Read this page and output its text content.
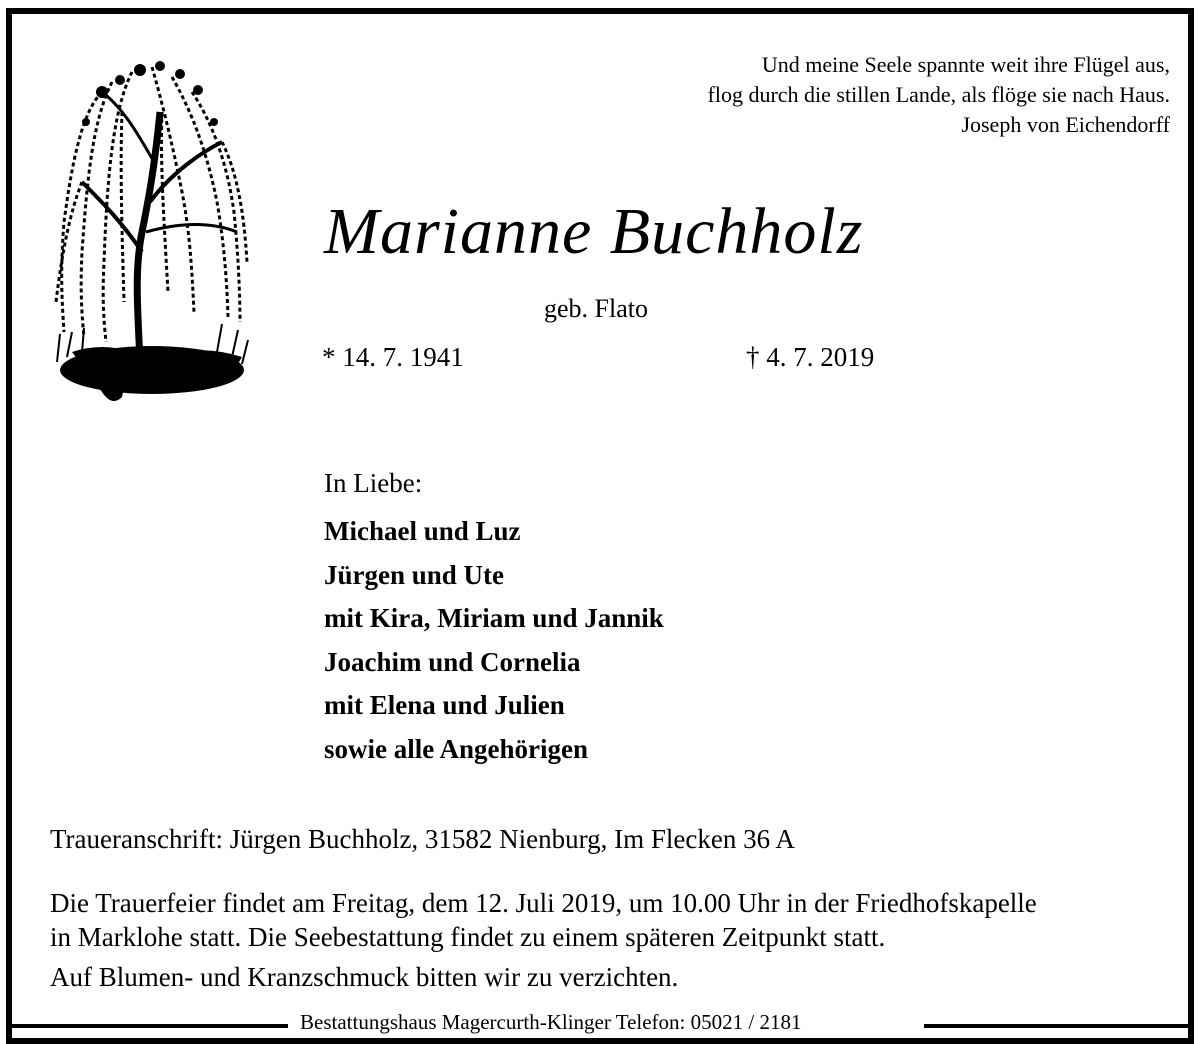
Und meine Seele spannte weit ihre Flügel aus,
flog durch die stillen Lande, als flöge sie nach Haus.
Joseph von Eichendorff
Marianne Buchholz
geb. Flato
* 14. 7. 1941	† 4. 7. 2019
In Liebe:
Michael und Luz
Jürgen und Ute
mit Kira, Miriam und Jannik
Joachim und Cornelia
mit Elena und Julien
sowie alle Angehörigen
Traueranschrift: Jürgen Buchholz, 31582 Nienburg, Im Flecken 36 A
Die Trauerfeier findet am Freitag, dem 12. Juli 2019, um 10.00 Uhr in der Friedhofskapelle
in Marklohe statt. Die Seebestattung findet zu einem späteren Zeitpunkt statt.
Auf Blumen- und Kranzschmuck bitten wir zu verzichten.
Bestattungshaus Magercurth-Klinger Telefon: 05021 / 2181
